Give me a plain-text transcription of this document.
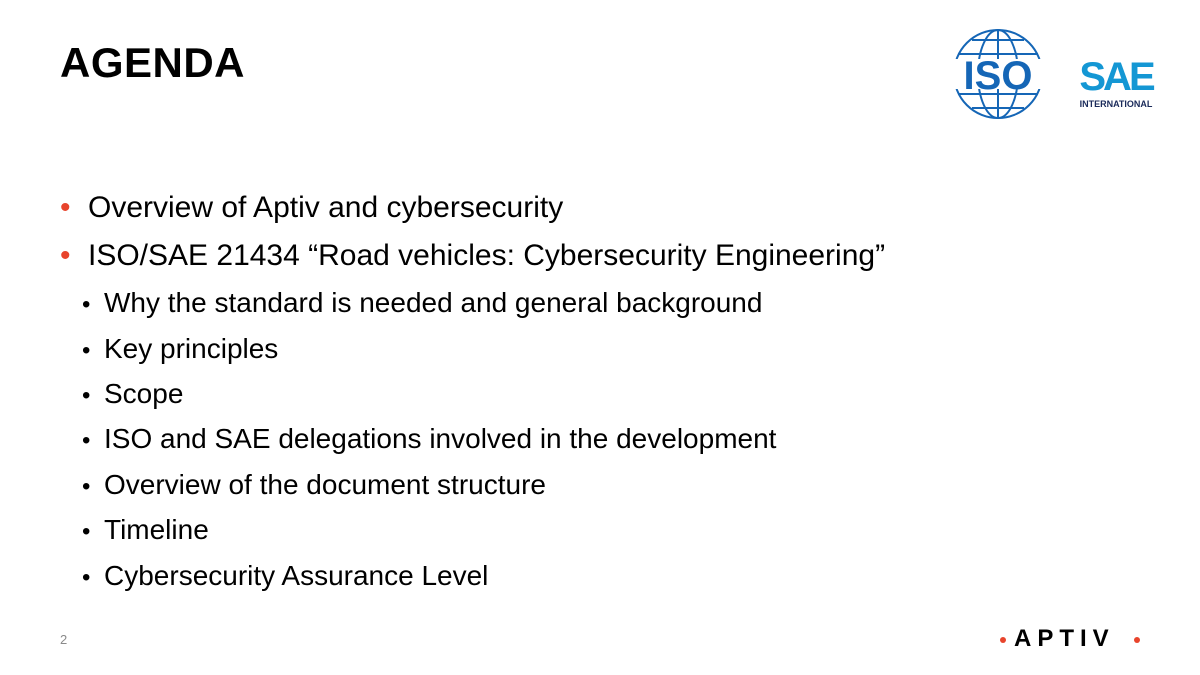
AGENDA	ISO SAE
INTERNATIONAL
• Overview of Aptiv and cybersecurity
• ISO/SAE 21434 “Road vehicles: Cybersecurity Engineering”
• Why the standard is needed and general background
• Key principles
• Scope
• ISO and SAE delegations involved in the development
• Overview of the document structure
• Timeline
• Cybersecurity Assurance Level
2	APTIV
